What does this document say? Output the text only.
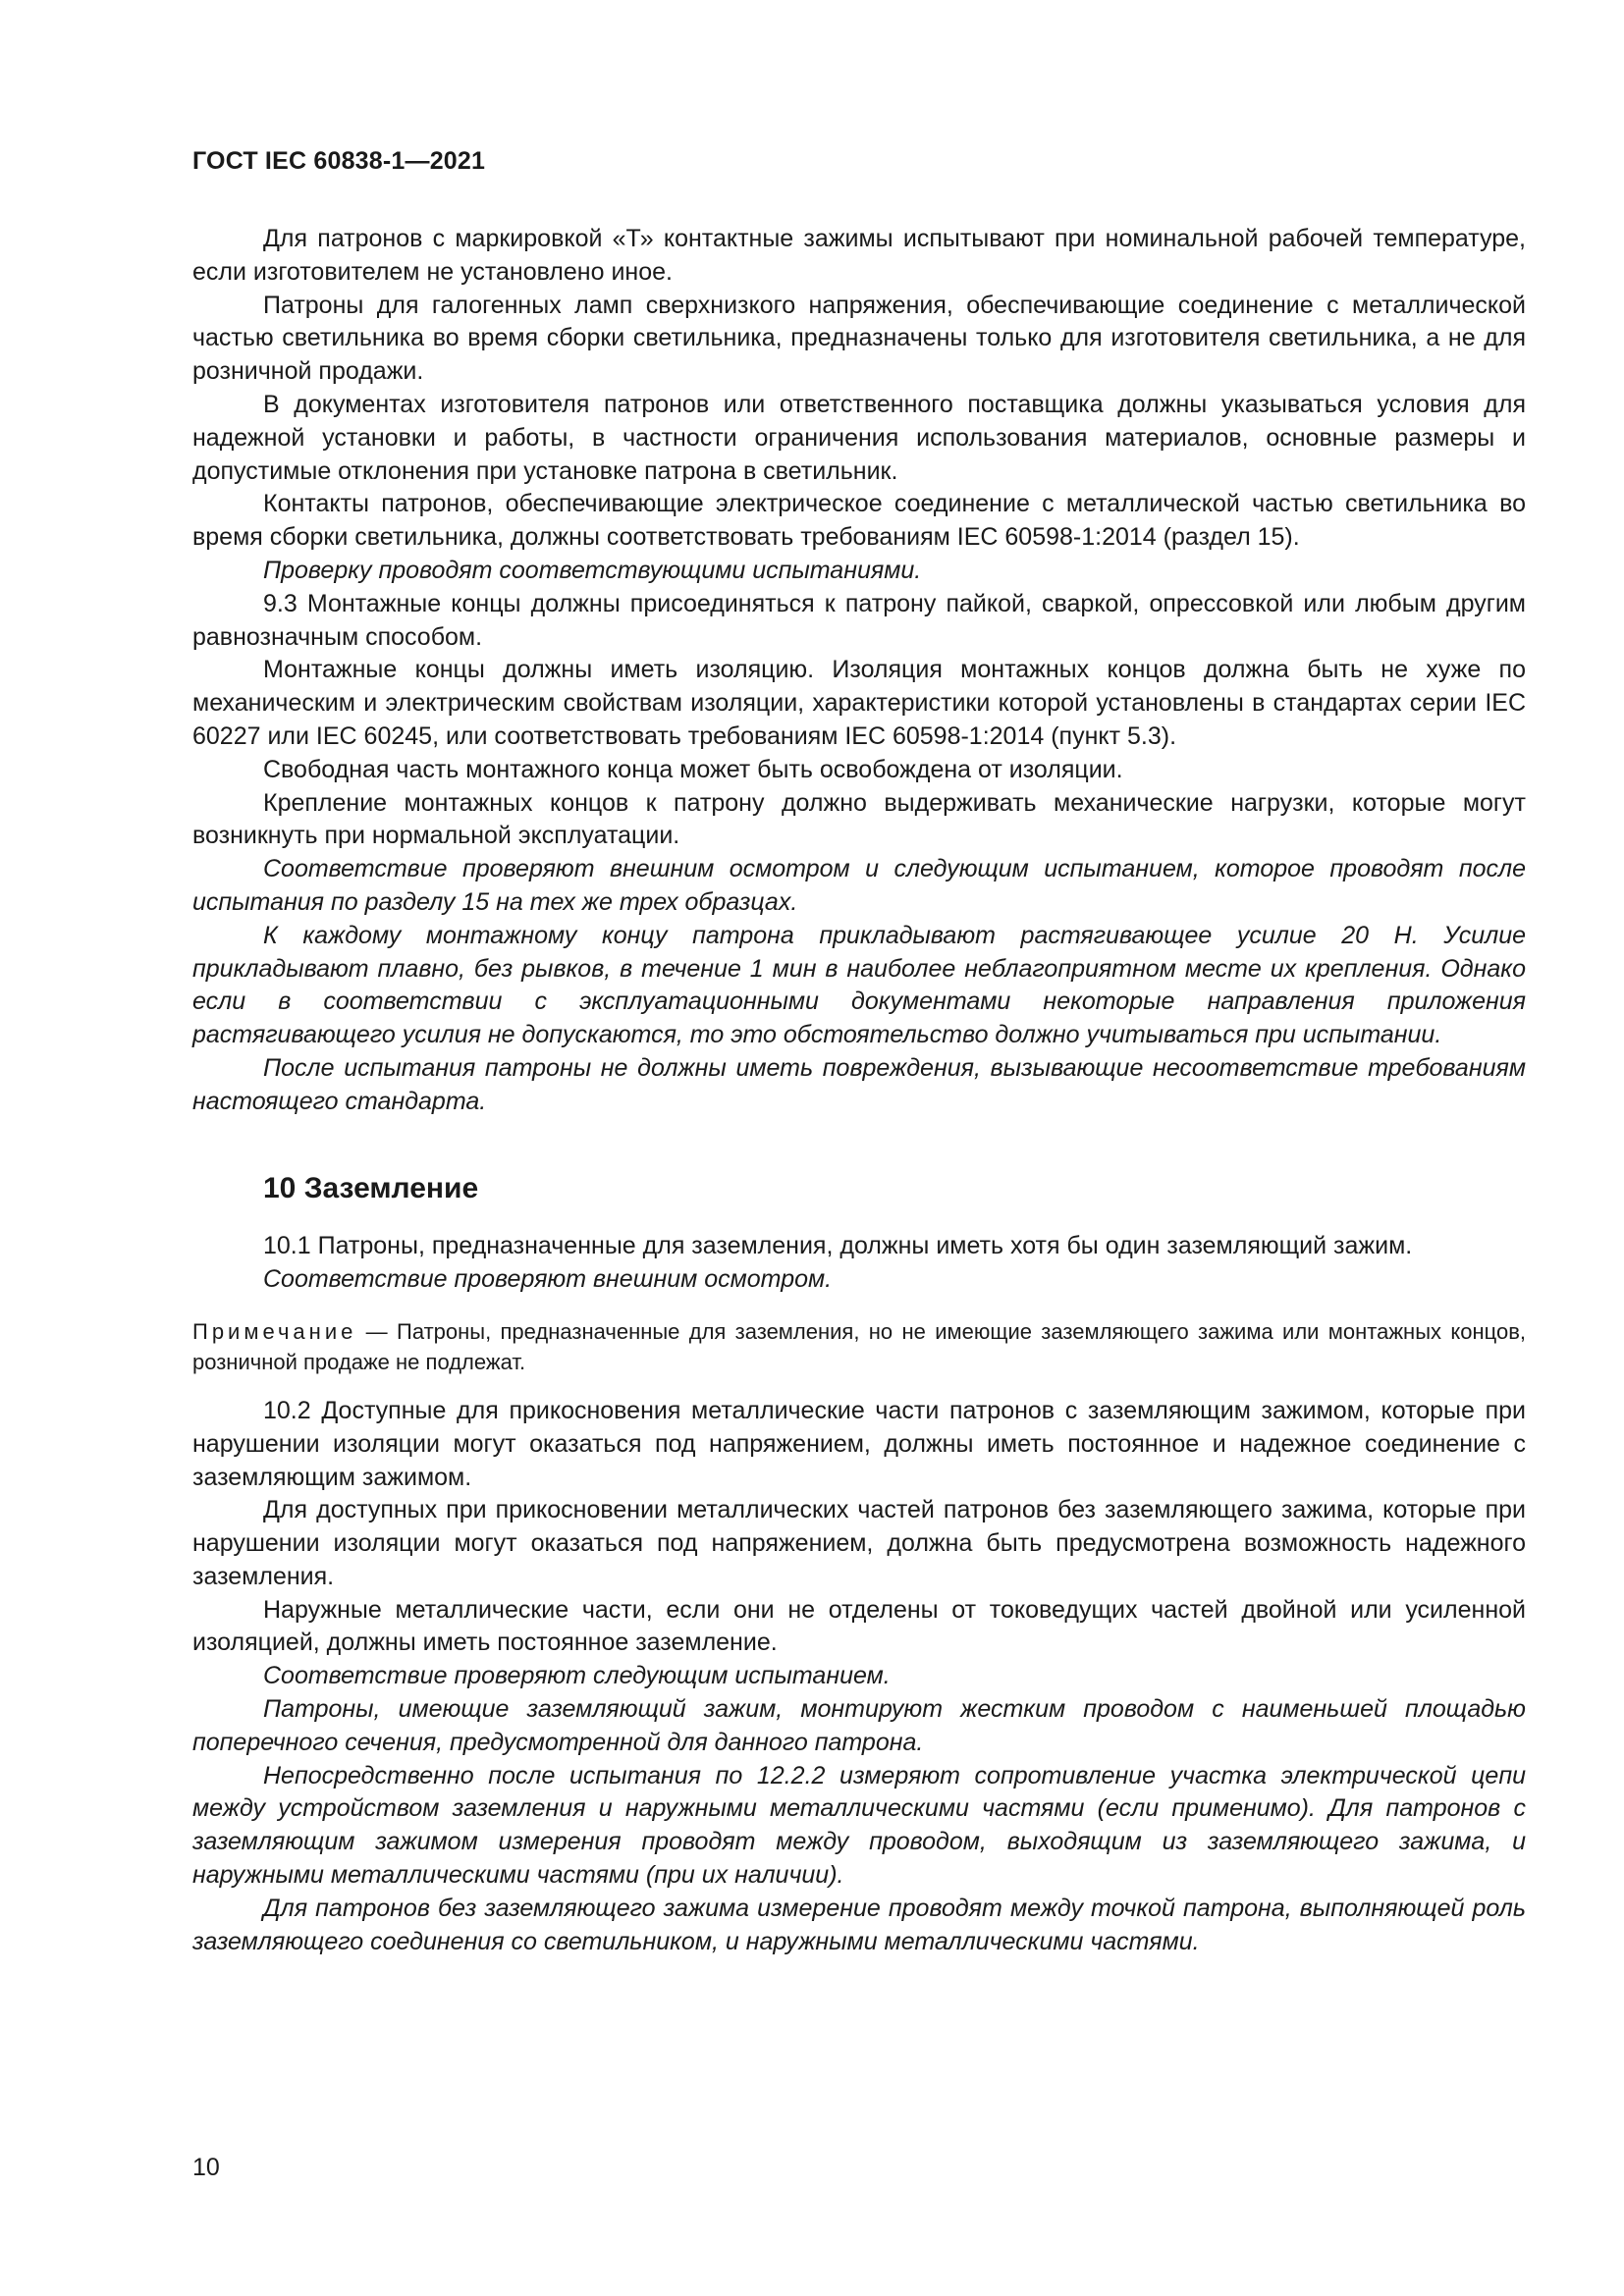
ГОСТ IEC 60838-1—2021

Для патронов с маркировкой «Т» контактные зажимы испытывают при номинальной рабочей температуре, если изготовителем не установлено иное.

Патроны для галогенных ламп сверхнизкого напряжения, обеспечивающие соединение с металлической частью светильника во время сборки светильника, предназначены только для изготовителя светильника, а не для розничной продажи.

В документах изготовителя патронов или ответственного поставщика должны указываться условия для надежной установки и работы, в частности ограничения использования материалов, основные размеры и допустимые отклонения при установке патрона в светильник.

Контакты патронов, обеспечивающие электрическое соединение с металлической частью светильника во время сборки светильника, должны соответствовать требованиям IEC 60598-1:2014 (раздел 15).

Проверку проводят соответствующими испытаниями.

9.3 Монтажные концы должны присоединяться к патрону пайкой, сваркой, опрессовкой или любым другим равнозначным способом.

Монтажные концы должны иметь изоляцию. Изоляция монтажных концов должна быть не хуже по механическим и электрическим свойствам изоляции, характеристики которой установлены в стандартах серии IEC 60227 или IEC 60245, или соответствовать требованиям IEC 60598-1:2014 (пункт 5.3).

Свободная часть монтажного конца может быть освобождена от изоляции.

Крепление монтажных концов к патрону должно выдерживать механические нагрузки, которые могут возникнуть при нормальной эксплуатации.

Соответствие проверяют внешним осмотром и следующим испытанием, которое проводят после испытания по разделу 15 на тех же трех образцах.

К каждому монтажному концу патрона прикладывают растягивающее усилие 20 Н. Усилие прикладывают плавно, без рывков, в течение 1 мин в наиболее неблагоприятном месте их крепления. Однако если в соответствии с эксплуатационными документами некоторые направления приложения растягивающего усилия не допускаются, то это обстоятельство должно учитываться при испытании.

После испытания патроны не должны иметь повреждения, вызывающие несоответствие требованиям настоящего стандарта.

10 Заземление

10.1 Патроны, предназначенные для заземления, должны иметь хотя бы один заземляющий зажим.

Соответствие проверяют внешним осмотром.

Примечание — Патроны, предназначенные для заземления, но не имеющие заземляющего зажима или монтажных концов, розничной продаже не подлежат.

10.2 Доступные для прикосновения металлические части патронов с заземляющим зажимом, которые при нарушении изоляции могут оказаться под напряжением, должны иметь постоянное и надежное соединение с заземляющим зажимом.

Для доступных при прикосновении металлических частей патронов без заземляющего зажима, которые при нарушении изоляции могут оказаться под напряжением, должна быть предусмотрена возможность надежного заземления.

Наружные металлические части, если они не отделены от токоведущих частей двойной или усиленной изоляцией, должны иметь постоянное заземление.

Соответствие проверяют следующим испытанием.

Патроны, имеющие заземляющий зажим, монтируют жестким проводом с наименьшей площадью поперечного сечения, предусмотренной для данного патрона.

Непосредственно после испытания по 12.2.2 измеряют сопротивление участка электрической цепи между устройством заземления и наружными металлическими частями (если применимо). Для патронов с заземляющим зажимом измерения проводят между проводом, выходящим из заземляющего зажима, и наружными металлическими частями (при их наличии).

Для патронов без заземляющего зажима измерение проводят между точкой патрона, выполняющей роль заземляющего соединения со светильником, и наружными металлическими частями.

10
